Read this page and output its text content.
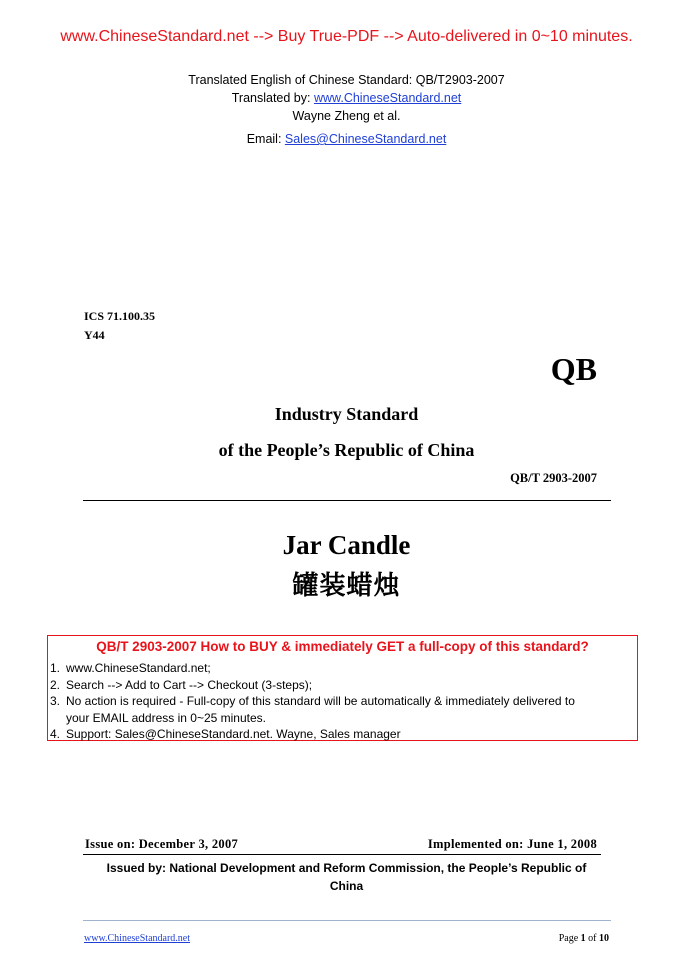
www.ChineseStandard.net --> Buy True-PDF --> Auto-delivered in 0~10 minutes.
Translated English of Chinese Standard: QB/T2903-2007
Translated by: www.ChineseStandard.net
Wayne Zheng et al.
Email: Sales@ChineseStandard.net
ICS 71.100.35
Y44
QB
Industry Standard
of the People’s Republic of China
QB/T 2903-2007
Jar Candle
罐装蜡烛
QB/T 2903-2007 How to BUY & immediately GET a full-copy of this standard?
1. www.ChineseStandard.net;
2. Search --> Add to Cart --> Checkout (3-steps);
3. No action is required - Full-copy of this standard will be automatically & immediately delivered to
your EMAIL address in 0~25 minutes.
4. Support: Sales@ChineseStandard.net. Wayne, Sales manager
Issue on: December 3, 2007	Implemented on: June 1, 2008
Issued by: National Development and Reform Commission, the People’s Republic of China
www.ChineseStandard.net	Page 1 of 10
